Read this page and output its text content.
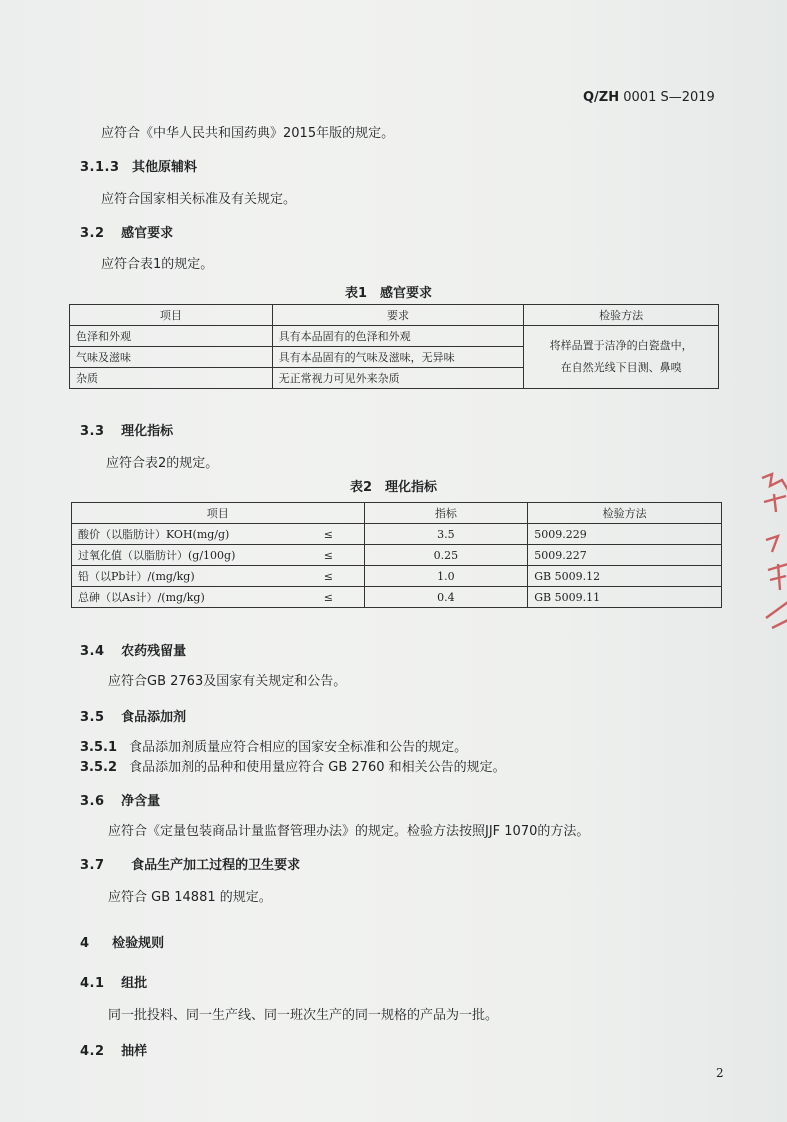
Q/ZH 0001 S—2019
应符合《中华人民共和国药典》2015年版的规定。
3.1.3 其他原辅料
应符合国家相关标准及有关规定。
3.2 感官要求
应符合表1的规定。
表1　感官要求
项目	要求	检验方法
色泽和外观	具有本品固有的色泽和外观	将样品置于洁净的白瓷盘中，
在自然光线下目测、鼻嗅

气味及滋味	具有本品固有的气味及滋味，无异味	
杂质	无正常视力可见外来杂质	
3.3 理化指标
应符合表2的规定。
表2　理化指标
项目		指标	检验方法
酸价（以脂肪计）KOH(mg/g)	≤	3.5	5009.229
过氧化值（以脂肪计）(g/100g)	≤	0.25	5009.227
铅（以Pb计）/(mg/kg)	≤	1.0	GB 5009.12
总砷（以As计）/(mg/kg)	≤	0.4	GB 5009.11
3.4 农药残留量
应符合GB 2763及国家有关规定和公告。
3.5 食品添加剂
3.5.1 食品添加剂质量应符合相应的国家安全标准和公告的规定。
3.5.2 食品添加剂的品种和使用量应符合 GB 2760 和相关公告的规定。
3.6 净含量
应符合《定量包装商品计量监督管理办法》的规定。检验方法按照JJF 1070的方法。
3.7 食品生产加工过程的卫生要求
应符合 GB 14881 的规定。
4 检验规则
4.1 组批
同一批投料、同一生产线、同一班次生产的同一规格的产品为一批。
4.2 抽样
2
